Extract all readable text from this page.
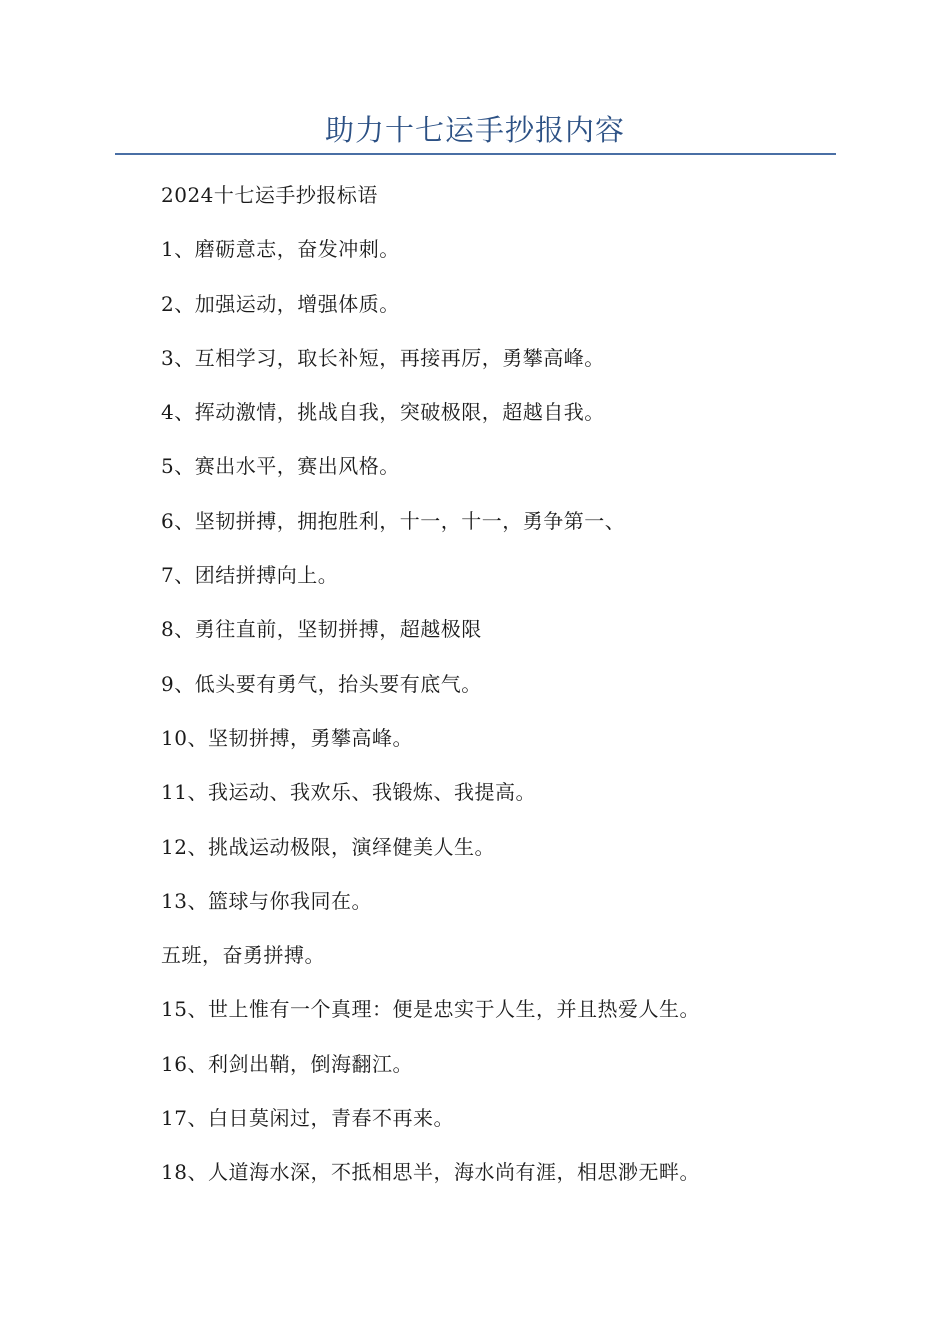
助力十七运手抄报内容
2024十七运手抄报标语
1、磨砺意志，奋发冲刺。
2、加强运动，增强体质。
3、互相学习，取长补短，再接再厉，勇攀高峰。
4、挥动激情，挑战自我，突破极限，超越自我。
5、赛出水平，赛出风格。
6、坚韧拼搏，拥抱胜利，十一，十一，勇争第一、
7、团结拼搏向上。
8、勇往直前，坚韧拼搏，超越极限
9、低头要有勇气，抬头要有底气。
10、坚韧拼搏，勇攀高峰。
11、我运动、我欢乐、我锻炼、我提高。
12、挑战运动极限，演绎健美人生。
13、篮球与你我同在。
五班，奋勇拼搏。
15、世上惟有一个真理：便是忠实于人生，并且热爱人生。
16、利剑出鞘，倒海翻江。
17、白日莫闲过，青春不再来。
18、人道海水深，不抵相思半，海水尚有涯，相思渺无畔。
